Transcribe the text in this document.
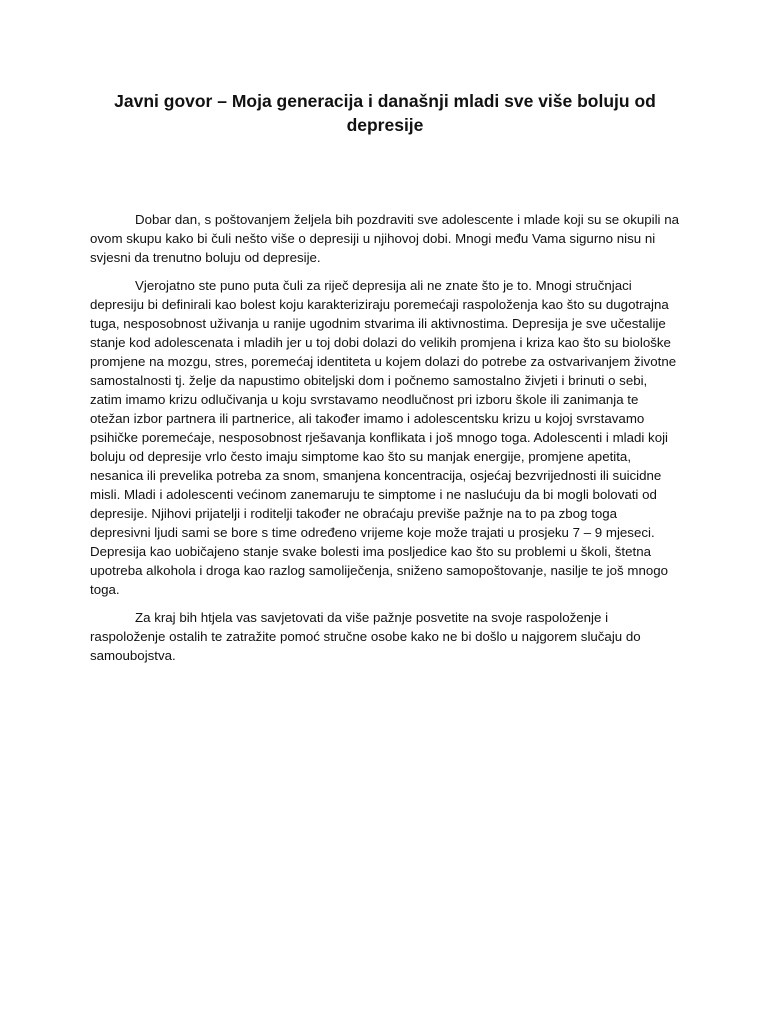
Javni govor – Moja generacija i današnji mladi sve više boluju od depresije

Dobar dan, s poštovanjem željela bih pozdraviti sve adolescente i mlade koji su se okupili na ovom skupu kako bi čuli nešto više o depresiji u njihovoj dobi. Mnogi među Vama sigurno nisu ni svjesni da trenutno boluju od depresije.

Vjerojatno ste puno puta čuli za riječ depresija ali ne znate što je to. Mnogi stručnjaci depresiju bi definirali kao bolest koju karakteriziraju poremećaji raspoloženja kao što su dugotrajna tuga, nesposobnost uživanja u ranije ugodnim stvarima ili aktivnostima. Depresija je sve učestalije stanje kod adolescenata i mladih jer u toj dobi dolazi do velikih promjena i kriza kao što su biološke promjene na mozgu, stres, poremećaj identiteta u kojem dolazi do potrebe za ostvarivanjem životne samostalnosti tj. želje da napustimo obiteljski dom i počnemo samostalno živjeti i brinuti o sebi, zatim imamo krizu odlučivanja u koju svrstavamo neodlučnost pri izboru škole ili zanimanja te otežan izbor partnera ili partnerice, ali također imamo i adolescentsku krizu u kojoj svrstavamo psihičke poremećaje, nesposobnost rješavanja konflikata i još mnogo toga. Adolescenti i mladi koji boluju od depresije vrlo često imaju simptome kao što su manjak energije, promjene apetita, nesanica ili prevelika potreba za snom, smanjena koncentracija, osjećaj bezvrijednosti ili suicidne misli. Mladi i adolescenti većinom zanemaruju te simptome i ne naslućuju da bi mogli bolovati od depresije. Njihovi prijatelji i roditelji također ne obraćaju previše pažnje na to pa zbog toga depresivni ljudi sami se bore s time određeno vrijeme koje može trajati u prosjeku 7 – 9 mjeseci. Depresija kao uobičajeno stanje svake bolesti ima posljedice kao što su problemi u školi, štetna upotreba alkohola i droga kao razlog samoliječenja, sniženo samopoštovanje, nasilje te još mnogo toga.

Za kraj bih htjela vas savjetovati da više pažnje posvetite na svoje raspoloženje i raspoloženje ostalih te zatražite pomoć stručne osobe kako ne bi došlo u najgorem slučaju do samoubojstva.
